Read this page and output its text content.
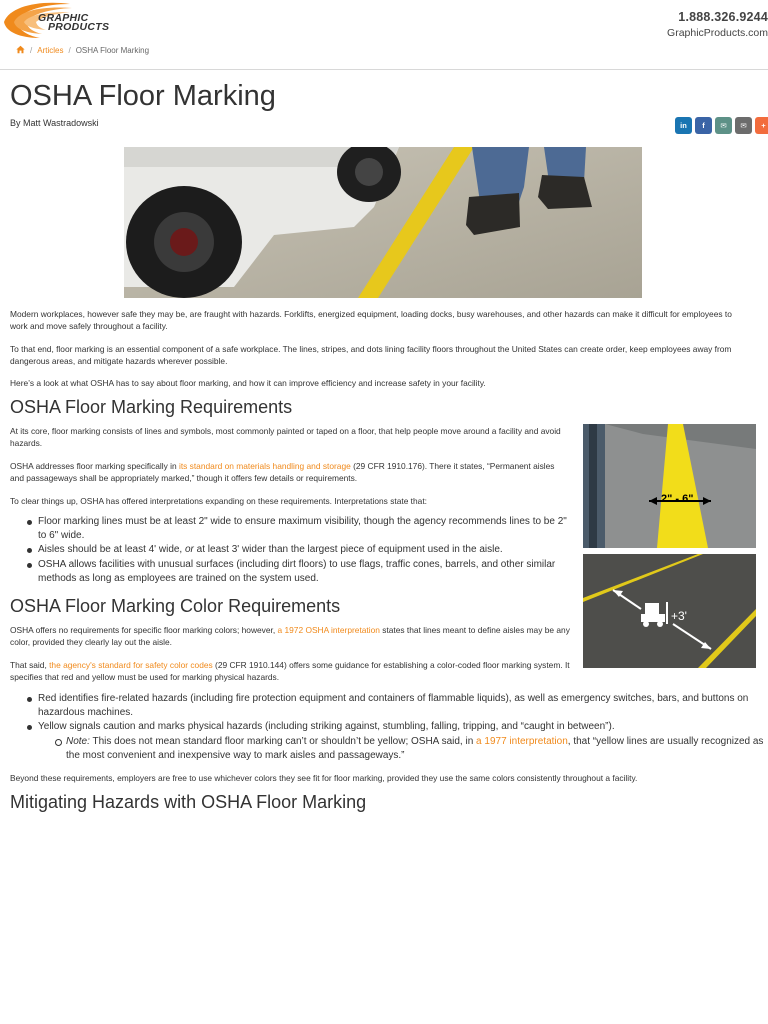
GRAPHIC
PRODUCTS
/ Articles / OSHA Floor Marking
1.888.326.9244
GraphicProducts.com
OSHA Floor Marking
By Matt Wastradowski	in f ✉ ✉ +

Modern workplaces, however safe they may be, are fraught with hazards. Forklifts, energized equipment, loading docks, busy warehouses, and other hazards can make it difficult for employees to work and move safely throughout a facility.

To that end, floor marking is an essential component of a safe workplace. The lines, stripes, and dots lining facility floors throughout the United States can create order, keep employees away from dangerous areas, and mitigate hazards wherever possible.

Here’s a look at what OSHA has to say about floor marking, and how it can improve efficiency and increase safety in your facility.

OSHA Floor Marking Requirements

At its core, floor marking consists of lines and symbols, most commonly painted or taped on a floor, that help people move around a facility and avoid hazards.

OSHA addresses floor marking specifically in its standard on materials handling and storage (29 CFR 1910.176). There it states, “Permanent aisles and passageways shall be appropriately marked,” though it offers few details or requirements.

To clear things up, OSHA has offered interpretations expanding on these requirements. Interpretations state that:

Floor marking lines must be at least 2" wide to ensure maximum visibility, though the agency recommends lines to be 2" to 6" wide.
Aisles should be at least 4' wide, or at least 3' wider than the largest piece of equipment used in the aisle.
OSHA allows facilities with unusual surfaces (including dirt floors) to use flags, traffic cones, barrels, and other similar methods as long as employees are trained on the system used.
2" - 6"
+3'
OSHA Floor Marking Color Requirements

OSHA offers no requirements for specific floor marking colors; however, a 1972 OSHA interpretation states that lines meant to define aisles may be any color, provided they clearly lay out the aisle.

That said, the agency's standard for safety color codes (29 CFR 1910.144) offers some guidance for establishing a color-coded floor marking system. It specifies that red and yellow must be used for marking physical hazards.

Red identifies fire-related hazards (including fire protection equipment and containers of flammable liquids), as well as emergency switches, bars, and buttons on hazardous machines.
Yellow signals caution and marks physical hazards (including striking against, stumbling, falling, tripping, and “caught in between”).
Note: This does not mean standard floor marking can’t or shouldn’t be yellow; OSHA said, in a 1977 interpretation, that “yellow lines are usually recognized as the most convenient and inexpensive way to mark aisles and passageways.”

Beyond these requirements, employers are free to use whichever colors they see fit for floor marking, provided they use the same colors consistently throughout a facility.

Mitigating Hazards with OSHA Floor Marking
